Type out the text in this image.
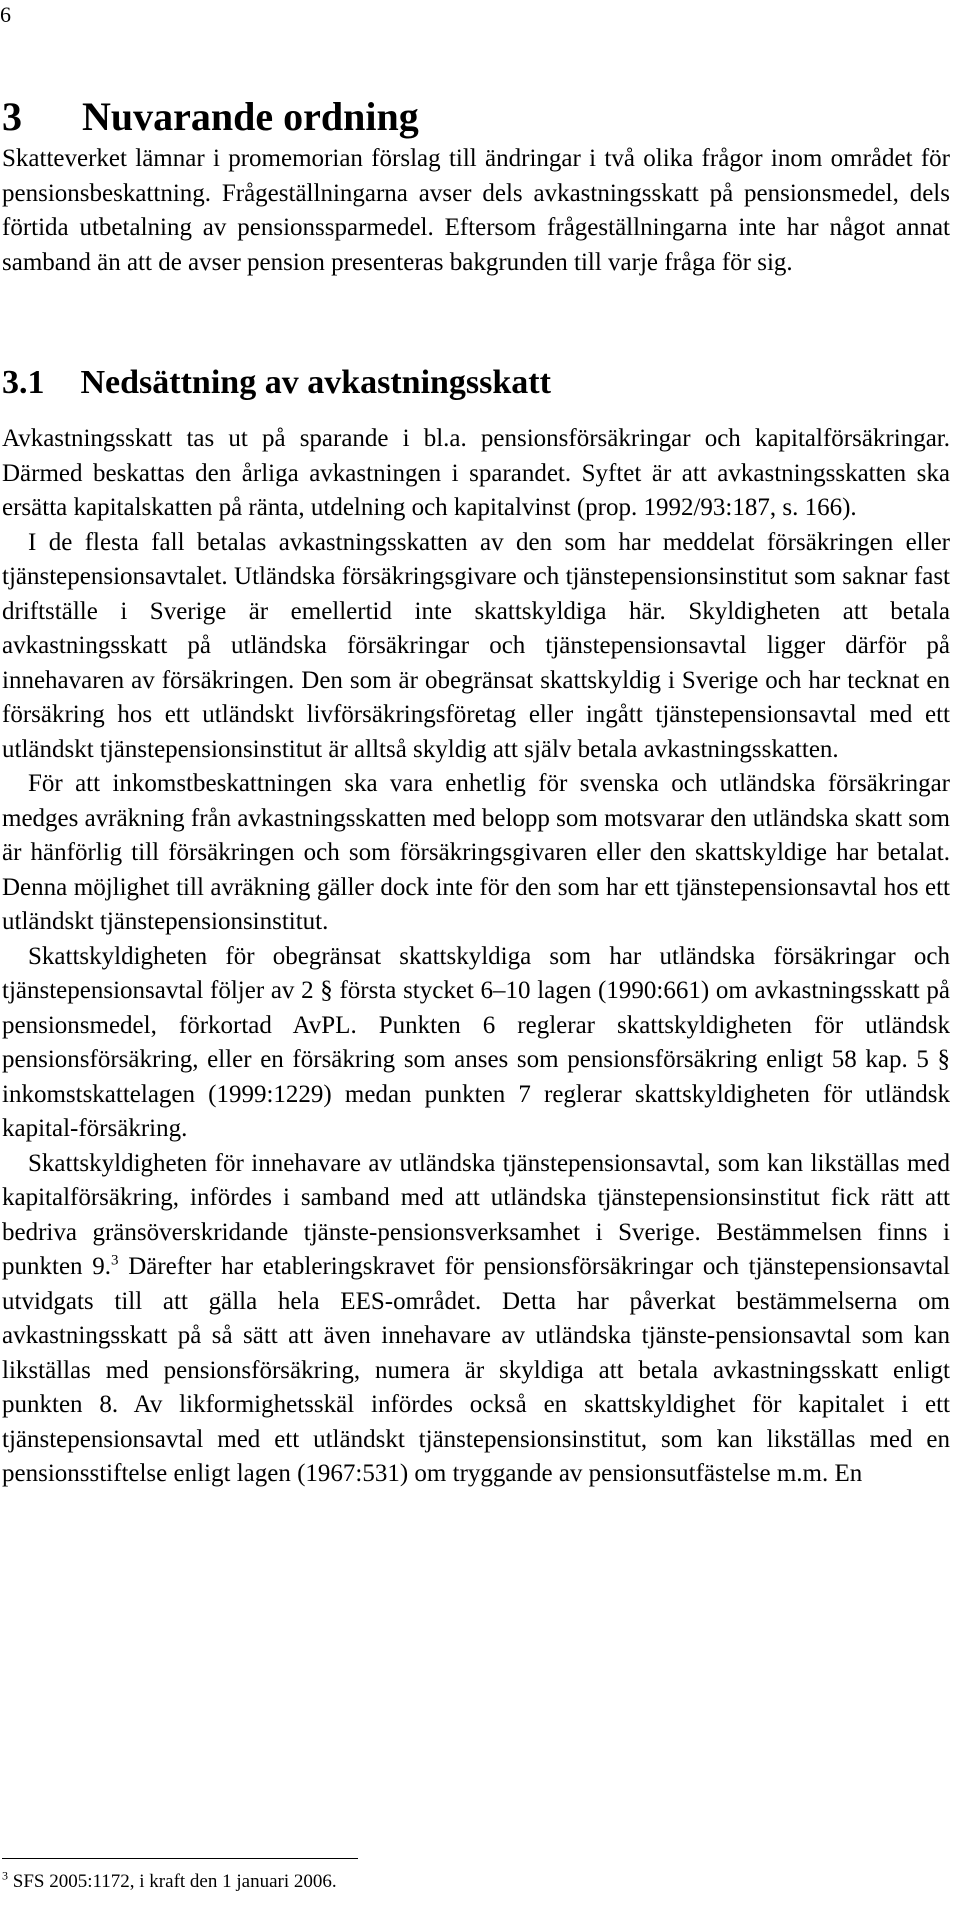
6
3 Nuvarande ordning

Skatteverket lämnar i promemorian förslag till ändringar i två olika frågor inom området för pensionsbeskattning. Frågeställningarna avser dels avkastningsskatt på pensionsmedel, dels förtida utbetalning av pensionssparmedel. Eftersom frågeställningarna inte har något annat samband än att de avser pension presenteras bakgrunden till varje fråga för sig.

3.1 Nedsättning av avkastningsskatt

Avkastningsskatt tas ut på sparande i bl.a. pensionsförsäkringar och kapitalförsäkringar. Därmed beskattas den årliga avkastningen i sparandet. Syftet är att avkastningsskatten ska ersätta kapitalskatten på ränta, utdelning och kapitalvinst (prop. 1992/93:187, s. 166).

I de flesta fall betalas avkastningsskatten av den som har meddelat försäkringen eller tjänstepensionsavtalet. Utländska försäkringsgivare och tjänstepensionsinstitut som saknar fast driftställe i Sverige är emellertid inte skattskyldiga här. Skyldigheten att betala avkastningsskatt på utländska försäkringar och tjänstepensionsavtal ligger därför på innehavaren av försäkringen. Den som är obegränsat skattskyldig i Sverige och har tecknat en försäkring hos ett utländskt livförsäkringsföretag eller ingått tjänstepensionsavtal med ett utländskt tjänstepensionsinstitut är alltså skyldig att själv betala avkastningsskatten.

För att inkomstbeskattningen ska vara enhetlig för svenska och utländska försäkringar medges avräkning från avkastningsskatten med belopp som motsvarar den utländska skatt som är hänförlig till försäkringen och som försäkringsgivaren eller den skattskyldige har betalat. Denna möjlighet till avräkning gäller dock inte för den som har ett tjänstepensionsavtal hos ett utländskt tjänstepensionsinstitut.

Skattskyldigheten för obegränsat skattskyldiga som har utländska försäkringar och tjänstepensionsavtal följer av 2 § första stycket 6–10 lagen (1990:661) om avkastningsskatt på pensionsmedel, förkortad AvPL. Punkten 6 reglerar skattskyldigheten för utländsk pensionsförsäkring, eller en försäkring som anses som pensionsförsäkring enligt 58 kap. 5 § inkomstskattelagen (1999:1229) medan punkten 7 reglerar skattskyldigheten för utländsk kapital-försäkring.

Skattskyldigheten för innehavare av utländska tjänstepensionsavtal, som kan likställas med kapitalförsäkring, infördes i samband med att utländska tjänstepensionsinstitut fick rätt att bedriva gränsöverskridande tjänste-pensionsverksamhet i Sverige. Bestämmelsen finns i punkten 9.$^3$ Därefter har etableringskravet för pensionsförsäkringar och tjänstepensionsavtal utvidgats till att gälla hela EES-området. Detta har påverkat bestämmelserna om avkastningsskatt på så sätt att även innehavare av utländska tjänste-pensionsavtal som kan likställas med pensionsförsäkring, numera är skyldiga att betala avkastningsskatt enligt punkten 8. Av likformighetsskäl infördes också en skattskyldighet för kapitalet i ett tjänstepensionsavtal med ett utländskt tjänstepensionsinstitut, som kan likställas med en pensionsstiftelse enligt lagen (1967:531) om tryggande av pensionsutfästelse m.m. En

$^3$ SFS 2005:1172, i kraft den 1 januari 2006.
